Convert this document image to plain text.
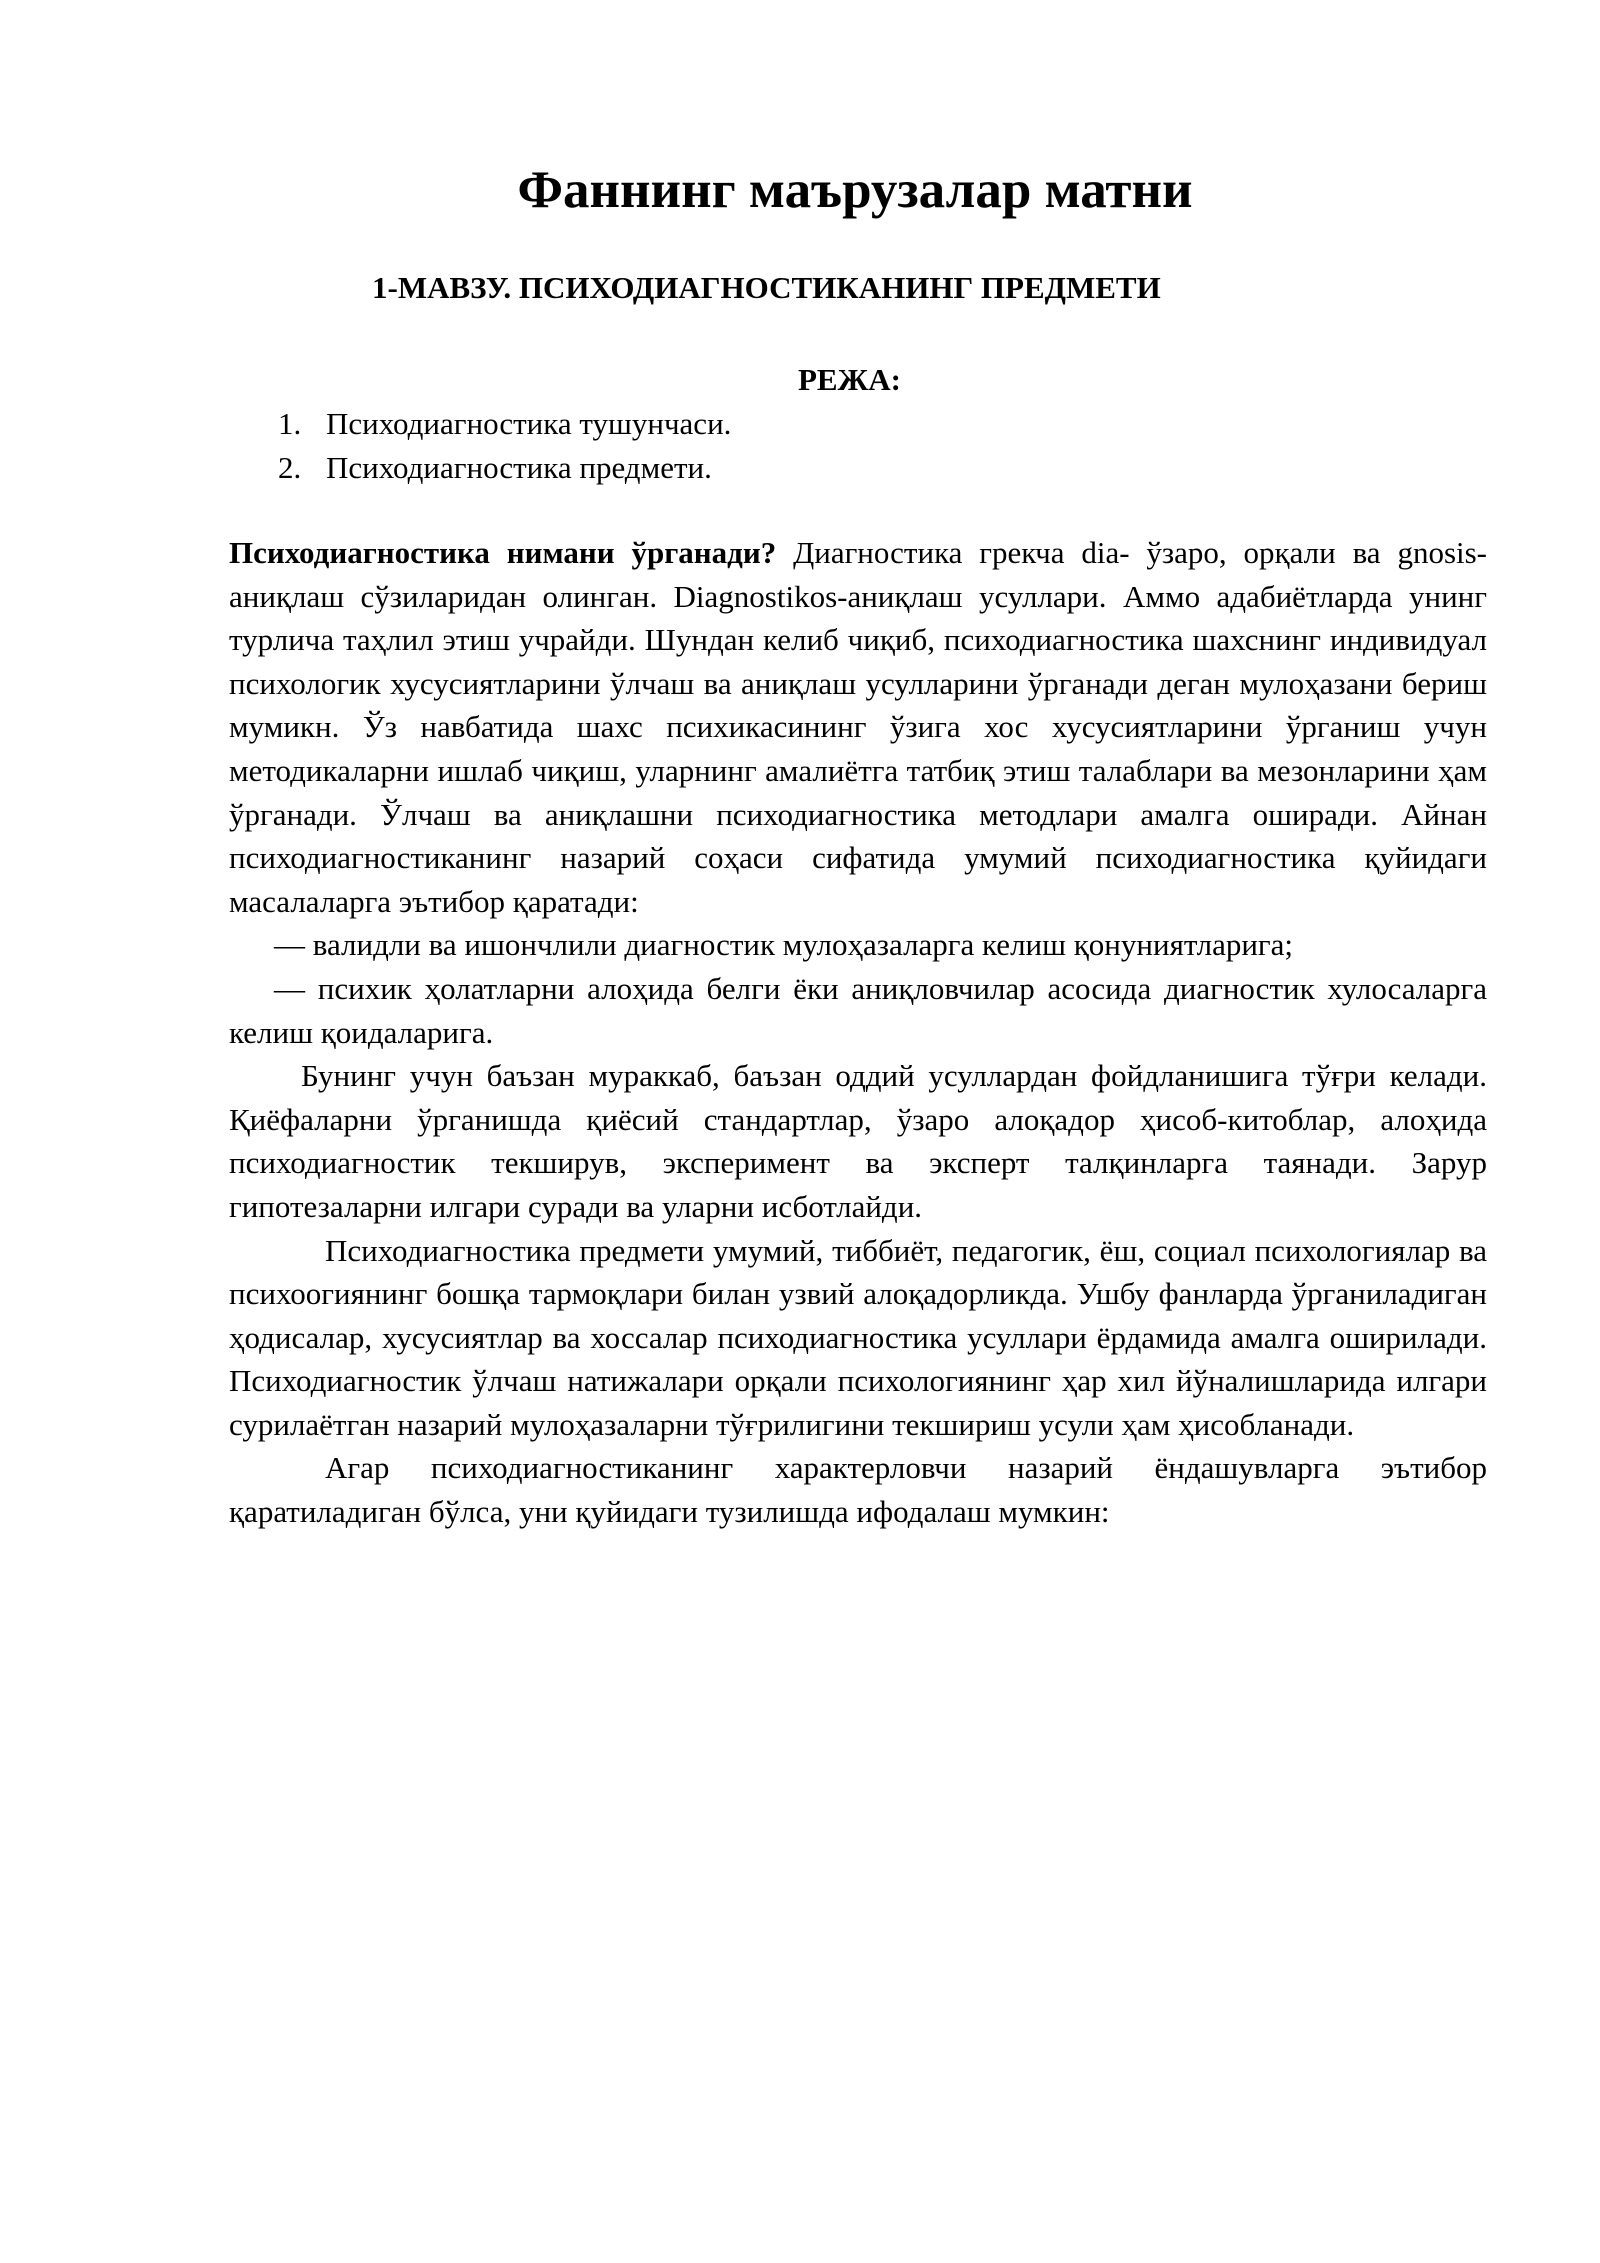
Фаннинг маърузалар матни
1-МАВЗУ. ПСИХОДИАГНОСТИКАНИНГ ПРЕДМЕТИ
РЕЖА:
1. Психодиагностика тушунчаси.
2. Психодиагностика предмети.

Психодиагностика нимани ўрганади? Диагностика грекча dia- ўзаро, орқали ва gnosis-аниқлаш сўзиларидан олинган. Diagnostikos-аниқлаш усуллари. Аммо адабиётларда унинг турлича таҳлил этиш учрайди. Шундан келиб чиқиб, психодиагностика шахснинг индивидуал психологик хусусиятларини ўлчаш ва аниқлаш усулларини ўрганади деган мулоҳазани бериш мумикн. Ўз навбатида шахс психикасининг ўзига хос хусусиятларини ўрганиш учун методикаларни ишлаб чиқиш, уларнинг амалиётга татбиқ этиш талаблари ва мезонларини ҳам ўрганади. Ўлчаш ва аниқлашни психодиагностика методлари амалга оширади. Айнан психодиагностиканинг назарий соҳаси сифатида умумий психодиагностика қуйидаги масалаларга эътибор қаратади:

— валидли ва ишончлили диагностик мулоҳазаларга келиш қонуниятларига;

— психик ҳолатларни алоҳида белги ёки аниқловчилар асосида диагностик хулосаларга келиш қоидаларига.

Бунинг учун баъзан мураккаб, баъзан оддий усуллардан фойдланишига тўғри келади. Қиёфаларни ўрганишда қиёсий стандартлар, ўзаро алоқадор ҳисоб-китоблар, алоҳида психодиагностик текширув, эксперимент ва эксперт талқинларга таянади. Зарур гипотезаларни илгари суради ва уларни исботлайди.

Психодиагностика предмети умумий, тиббиёт, педагогик, ёш, социал психологиялар ва психоогиянинг бошқа тармоқлари билан узвий алоқадорликда. Ушбу фанларда ўрганиладиган ҳодисалар, хусусиятлар ва хоссалар психодиагностика усуллари ёрдамида амалга оширилади. Психодиагностик ўлчаш натижалари орқали психологиянинг ҳар хил йўналишларида илгари сурилаётган назарий мулоҳазаларни тўғрилигини текшириш усули ҳам ҳисобланади.

Агар психодиагностиканинг характерловчи назарий ёндашувларга эътибор қаратиладиган бўлса, уни қуйидаги тузилишда ифодалаш мумкин:
